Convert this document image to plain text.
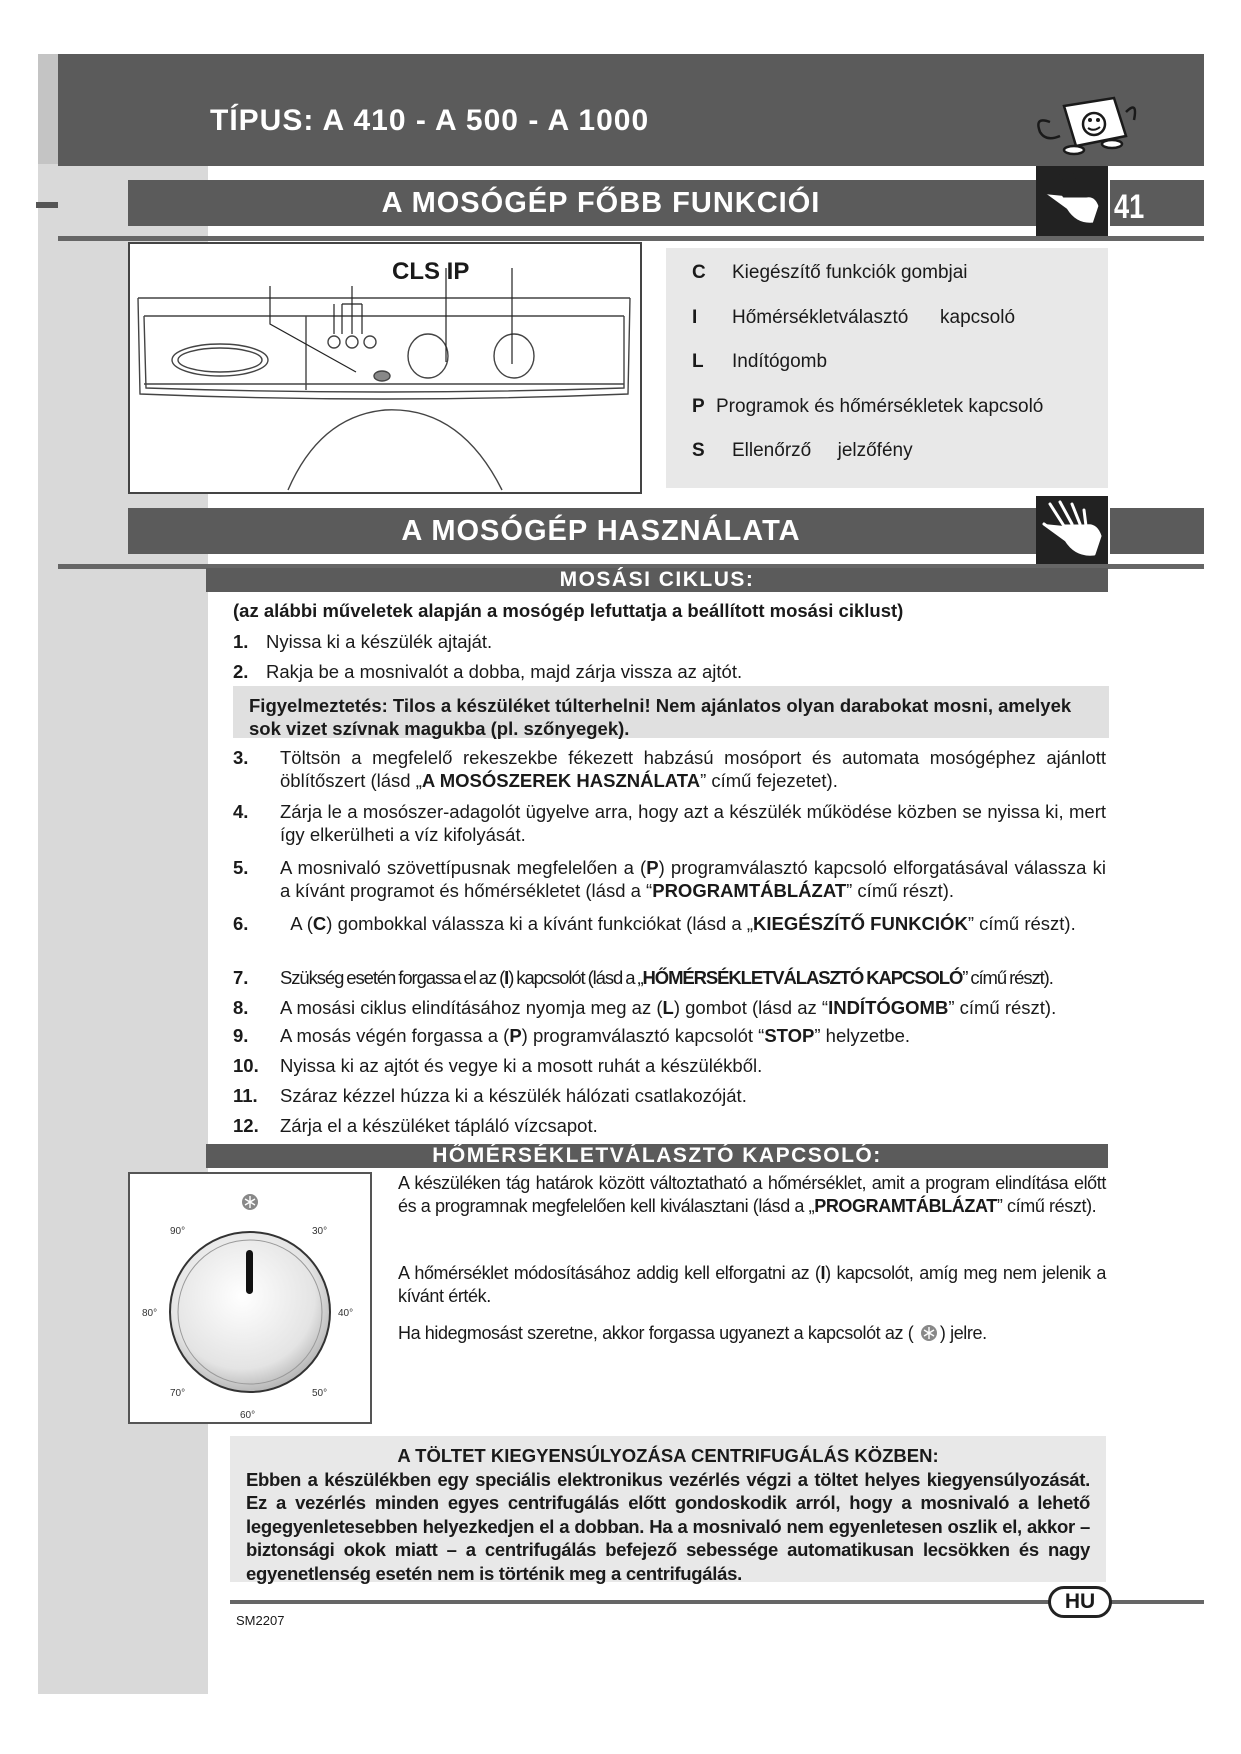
TÍPUS: A 410 - A 500 - A 1000
A MOSÓGÉP FŐBB FUNKCIÓI	41
CLS IP	C	Kiegészítő funkciók gombjai
I	Hőmérsékletválasztó      kapcsoló
L	Indítógomb
P Programok és hőmérsékletek kapcsoló
S	Ellenőrző     jelzőfény
A MOSÓGÉP HASZNÁLATA
MOSÁSI CIKLUS:
(az alábbi műveletek alapján a mosógép lefuttatja a beállított mosási ciklust)
1. Nyissa ki a készülék ajtaját.
2. Rakja be a mosnivalót a dobba, majd zárja vissza az ajtót.
Figyelmeztetés: Tilos a készüléket túlterhelni! Nem ajánlatos olyan darabokat mosni, amelyek sok vizet szívnak magukba (pl. szőnyegek).
3. Töltsön a megfelelő rekeszekbe fékezett habzású mosóport és automata mosógéphez ajánlott öblítőszert (lásd „A MOSÓSZEREK HASZNÁLATA” című fejezetet).
4. Zárja le a mosószer-adagolót ügyelve arra, hogy azt a készülék működése közben se nyissa ki, mert így elkerülheti a víz kifolyását.
5. A mosnivaló szövettípusnak megfelelően a (P) programválasztó kapcsoló elforgatásával válassza ki a kívánt programot és hőmérsékletet (lásd a “PROGRAMTÁBLÁZAT” című részt).
6.	A (C) gombokkal válassza ki a kívánt funkciókat (lásd a „KIEGÉSZÍTŐ FUNKCIÓK” című részt).
7. Szükség esetén forgassa el az (I) kapcsolót (lásd a „HŐMÉRSÉKLETVÁLASZTÓ KAPCSOLÓ” című részt).
8. A mosási ciklus elindításához nyomja meg az (L) gombot (lásd az “INDÍTÓGOMB” című részt).
9. A mosás végén forgassa a (P) programválasztó kapcsolót “STOP” helyzetbe.
10. Nyissa ki az ajtót és vegye ki a mosott ruhát a készülékből.
11. Száraz kézzel húzza ki a készülék hálózati csatlakozóját.
12. Zárja el a készüléket tápláló vízcsapot.
HŐMÉRSÉKLETVÁLASZTÓ KAPCSOLÓ:
90°	30°
80°	40°
70°	50°
60°
A készüléken tág határok között változtatható a hőmérséklet, amit a program elindítása előtt és a programnak megfelelően kell kiválasztani (lásd a „PROGRAMTÁBLÁZAT” című részt).
A hőmérséklet módosításához addig kell elforgatni az (I) kapcsolót, amíg meg nem jelenik a kívánt érték.
Ha hidegmosást szeretne, akkor forgassa ugyanezt a kapcsolót az ( ) jelre.
A TÖLTET KIEGYENSÚLYOZÁSA CENTRIFUGÁLÁS KÖZBEN:
Ebben a készülékben egy speciális elektronikus vezérlés végzi a töltet helyes kiegyensúlyozását. Ez a vezérlés minden egyes centrifugálás előtt gondoskodik arról, hogy a mosnivaló a lehető legegyenletesebben helyezkedjen el a dobban. Ha a mosnivaló nem egyenletesen oszlik el, akkor – biztonsági okok miatt – a centrifugálás befejező sebessége automatikusan lecsökken és nagy egyenetlenség esetén nem is történik meg a centrifugálás.
HU
SM2207
